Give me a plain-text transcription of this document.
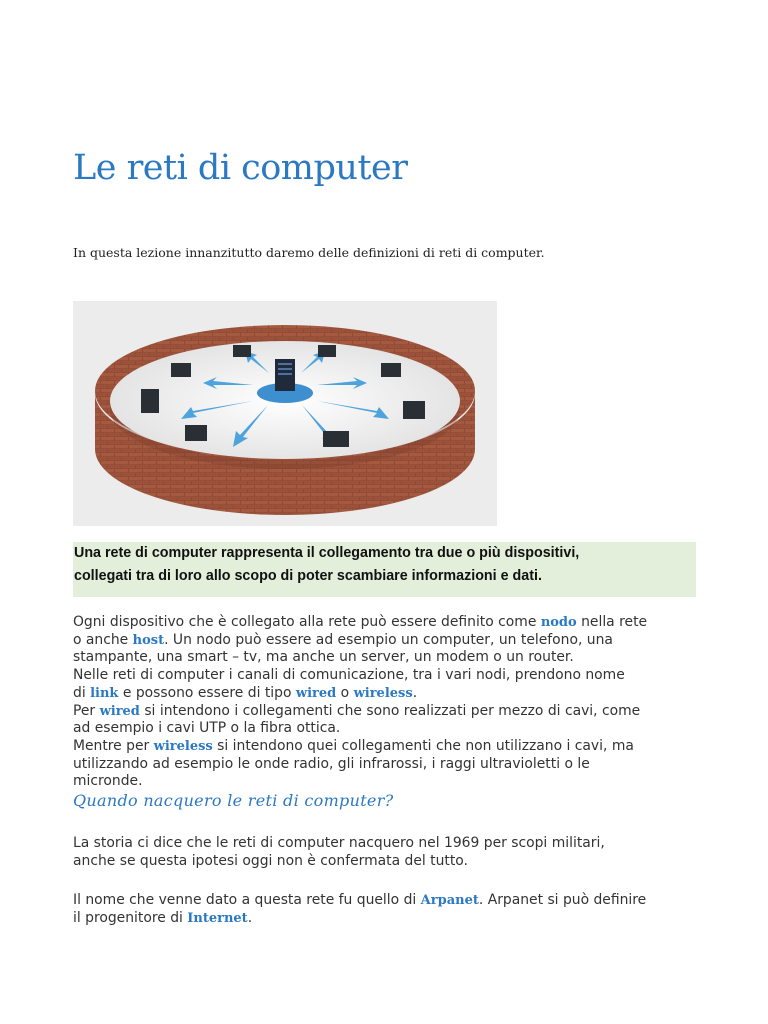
Le reti di computer
In questa lezione innanzitutto daremo delle definizioni di reti di computer.
Una rete di computer rappresenta il collegamento tra due o più dispositivi,
collegati tra di loro allo scopo di poter scambiare informazioni e dati.
Ogni dispositivo che è collegato alla rete può essere definito come nodo nella rete
o anche host. Un nodo può essere ad esempio un computer, un telefono, una
stampante, una smart – tv, ma anche un server, un modem o un router.
Nelle reti di computer i canali di comunicazione, tra i vari nodi, prendono nome
di link e possono essere di tipo wired o wireless.
Per wired si intendono i collegamenti che sono realizzati per mezzo di cavi, come
ad esempio i cavi UTP o la fibra ottica.
Mentre per wireless si intendono quei collegamenti che non utilizzano i cavi, ma
utilizzando ad esempio le onde radio, gli infrarossi, i raggi ultravioletti o le
micronde.
Quando nacquero le reti di computer?
La storia ci dice che le reti di computer nacquero nel 1969 per scopi militari,
anche se questa ipotesi oggi non è confermata del tutto.
Il nome che venne dato a questa rete fu quello di Arpanet. Arpanet si può definire
il progenitore di Internet.
